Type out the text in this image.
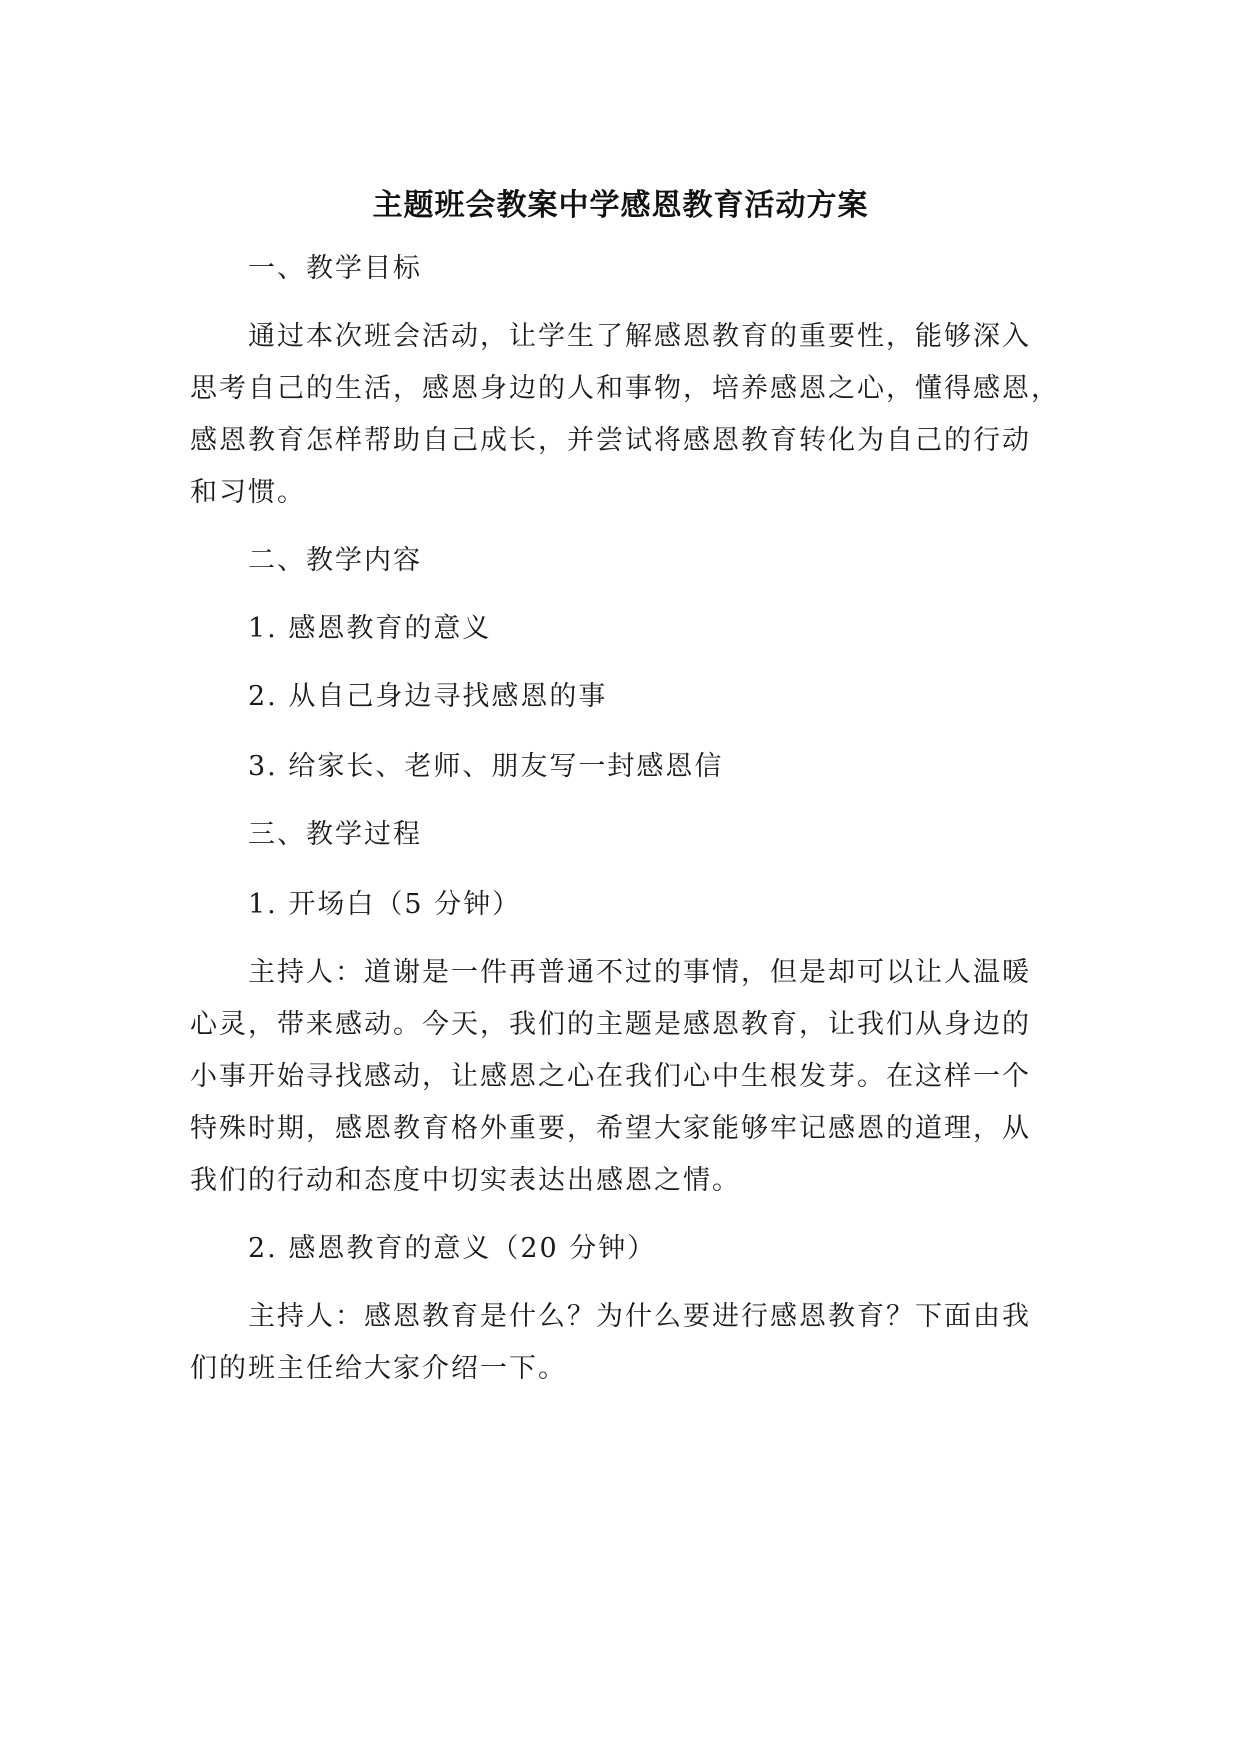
主题班会教案中学感恩教育活动方案
一、教学目标
通过本次班会活动，让学生了解感恩教育的重要性，能够深入
思考自己的生活，感恩身边的人和事物，培养感恩之心，懂得感恩，
感恩教育怎样帮助自己成长，并尝试将感恩教育转化为自己的行动
和习惯。
二、教学内容
1. 感恩教育的意义
2. 从自己身边寻找感恩的事
3. 给家长、老师、朋友写一封感恩信
三、教学过程
1. 开场白（5 分钟）
主持人：道谢是一件再普通不过的事情，但是却可以让人温暖
心灵，带来感动。今天，我们的主题是感恩教育，让我们从身边的
小事开始寻找感动，让感恩之心在我们心中生根发芽。在这样一个
特殊时期，感恩教育格外重要，希望大家能够牢记感恩的道理，从
我们的行动和态度中切实表达出感恩之情。
2. 感恩教育的意义（20 分钟）
主持人：感恩教育是什么？为什么要进行感恩教育？下面由我
们的班主任给大家介绍一下。
